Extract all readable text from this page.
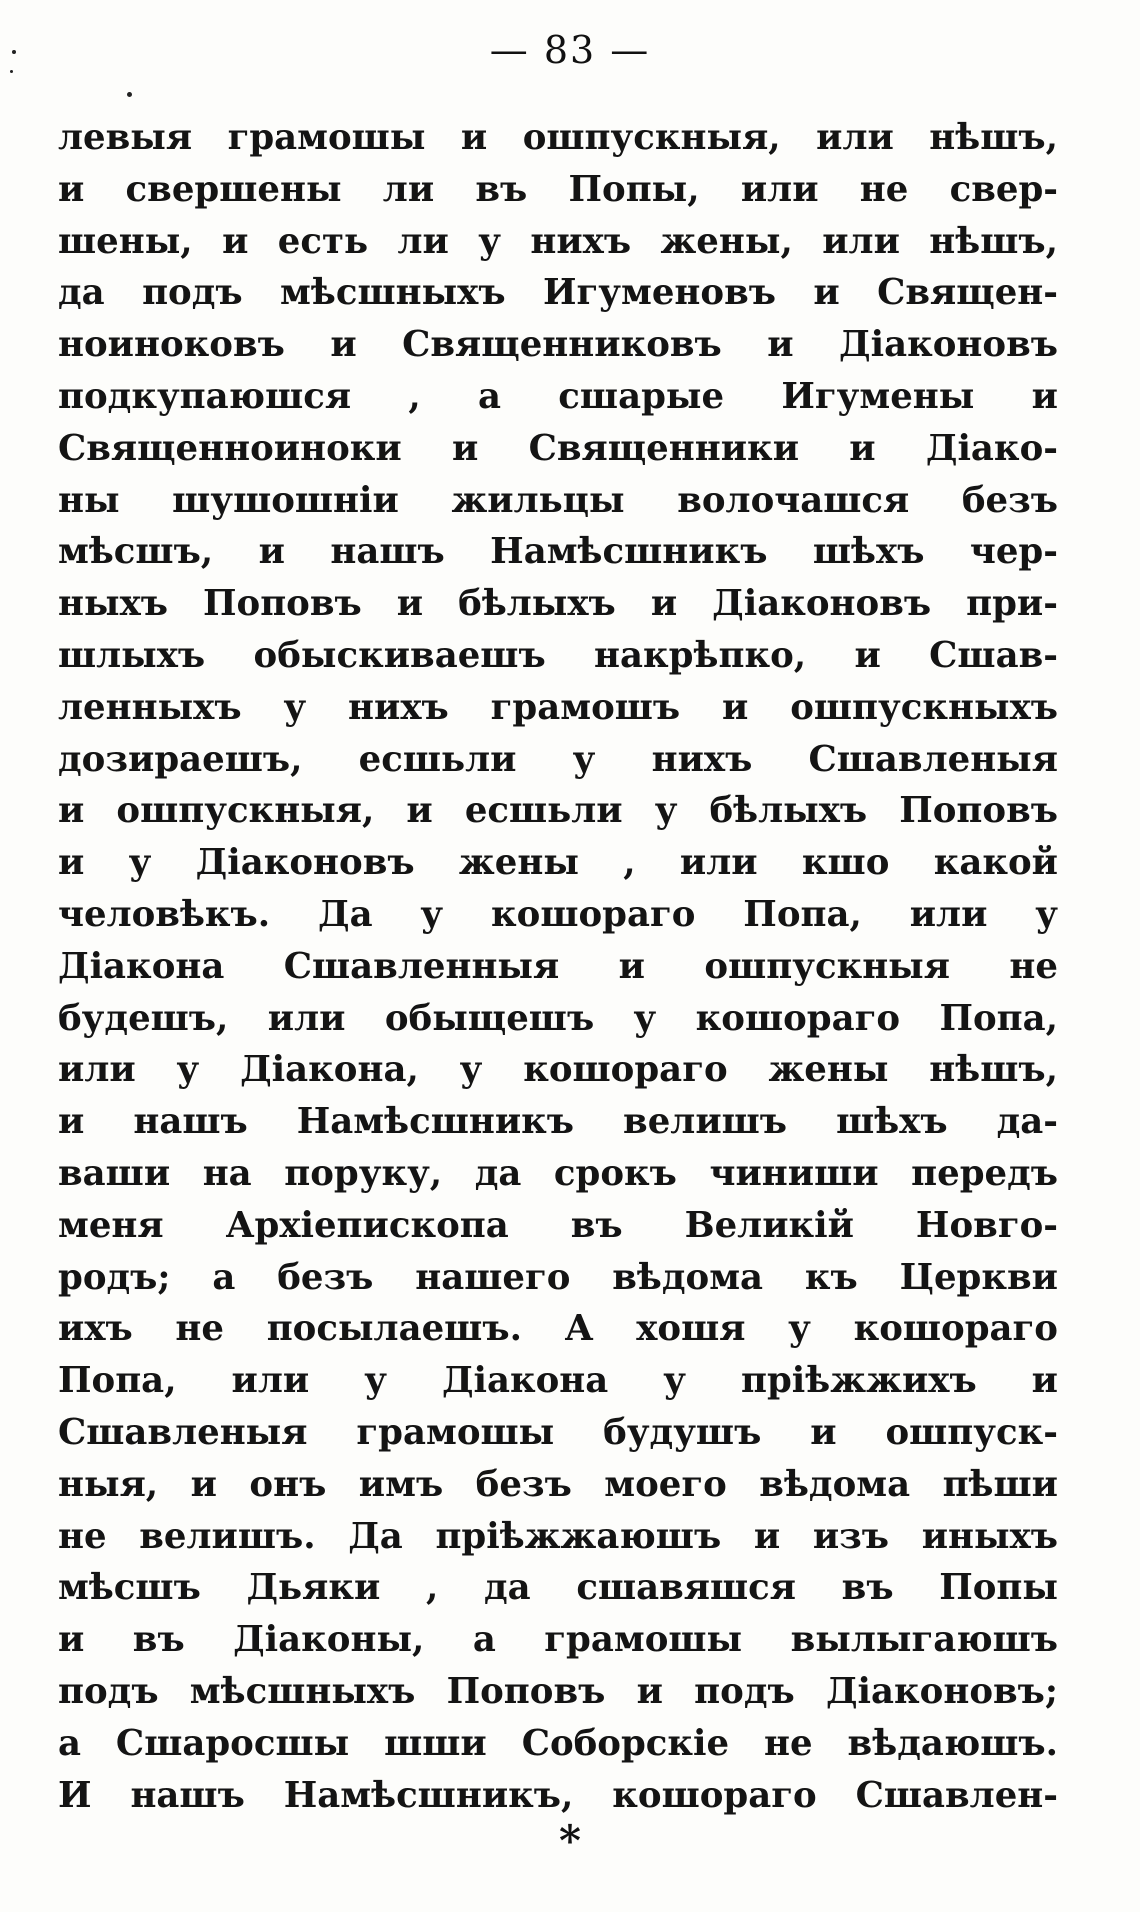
— 83 —
левыя грамошы и ошпускныя, или нѣшъ,
и свершены ли въ Попы, или не свер-
шены, и есть ли у нихъ жены, или нѣшъ,
да подъ мѣсшныхъ Игуменовъ и Священ-
ноиноковъ и Священниковъ и Діаконовъ
подкупаюшся , а сшарые Игумены и
Священноиноки и Священники и Діако-
ны шушошніи жильцы волочашся безъ
мѣсшъ, и нашъ Намѣсшникъ шѣхъ чер-
ныхъ Поповъ и бѣлыхъ и Діаконовъ при-
шлыхъ обыскиваешъ накрѣпко, и Сшав-
ленныхъ у нихъ грамошъ и ошпускныхъ
дозираешъ, есшьли у нихъ Сшавленыя
и ошпускныя, и есшьли у бѣлыхъ Поповъ
и у Діаконовъ жены , или кшо какой
человѣкъ. Да у кошораго Попа, или у
Діакона Сшавленныя и ошпускныя не
будешъ, или обыщешъ у кошораго Попа,
или у Діакона, у кошораго жены нѣшъ,
и нашъ Намѣсшникъ велишъ шѣхъ да-
ваши на поруку, да срокъ чиниши передъ
меня Архіепископа въ Великій Новго-
родъ; а безъ нашего вѣдома къ Церкви
ихъ не посылаешъ. А хошя у кошораго
Попа, или у Діакона у пріѣжжихъ и
Сшавленыя грамошы будушъ и ошпуск-
ныя, и онъ имъ безъ моего вѣдома пѣши
не велишъ. Да пріѣжжаюшъ и изъ иныхъ
мѣсшъ Дьяки , да сшавяшся въ Попы
и въ Діаконы, а грамошы вылыгаюшъ
подъ мѣсшныхъ Поповъ и подъ Діаконовъ;
а Сшаросшы шши Соборскіе не вѣдаюшъ.
И нашъ Намѣсшникъ, кошораго Сшавлен-
*
